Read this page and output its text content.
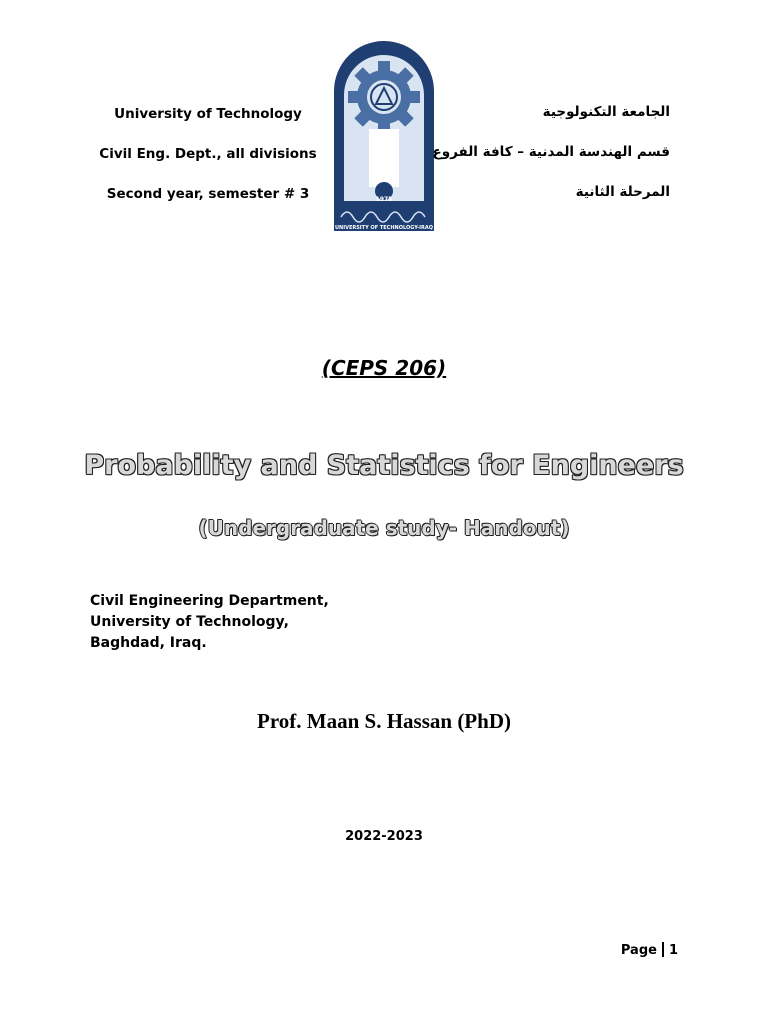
University of Technology
Civil Eng. Dept., all divisions
Second year, semester # 3	1975
UNIVERSITY OF TECHNOLOGY-IRAQ
الجامعة التكنولوجية
قسم الهندسة المدنية – كافة الفروع
المرحلة الثانية
(CEPS 206)
Probability and Statistics for Engineers
(Undergraduate study- Handout)
Civil Engineering Department,
University of Technology,
Baghdad, Iraq.
Prof. Maan S. Hassan (PhD)
2022-2023
Page 1
